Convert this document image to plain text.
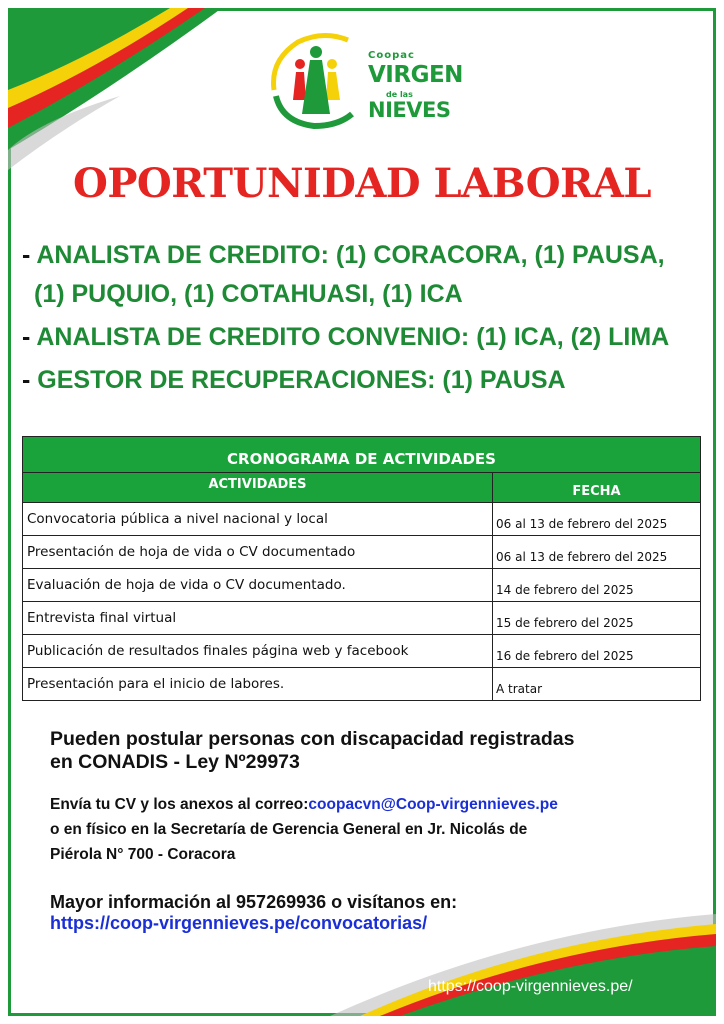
Coopac
VIRGEN
de las
NIEVES
OPORTUNIDAD LABORAL
- ANALISTA DE CREDITO: (1) CORACORA, (1) PAUSA,
(1) PUQUIO, (1) COTAHUASI, (1) ICA
- ANALISTA DE CREDITO CONVENIO: (1) ICA, (2) LIMA
- GESTOR DE RECUPERACIONES: (1) PAUSA
CRONOGRAMA DE ACTIVIDADES	
ACTIVIDADES	FECHA
Convocatoria pública a nivel nacional y local	06 al 13 de febrero del 2025
Presentación de hoja de vida o CV documentado	06 al 13 de febrero del 2025
Evaluación de hoja de vida o CV documentado.	14 de febrero del 2025
Entrevista final virtual	15 de febrero del 2025
Publicación de resultados finales página web y facebook	16 de febrero del 2025
Presentación para el inicio de labores.	A tratar
Pueden postular personas con discapacidad registradas
en CONADIS - Ley Nº29973
Envía tu CV y los anexos al correo:coopacvn@Coop-virgennieves.pe
o en físico en la Secretaría de Gerencia General en Jr. Nicolás de
Piérola N° 700 - Coracora
Mayor información al 957269936 o visítanos en:
https://coop-virgennieves.pe/convocatorias/
https://coop-virgennieves.pe/
